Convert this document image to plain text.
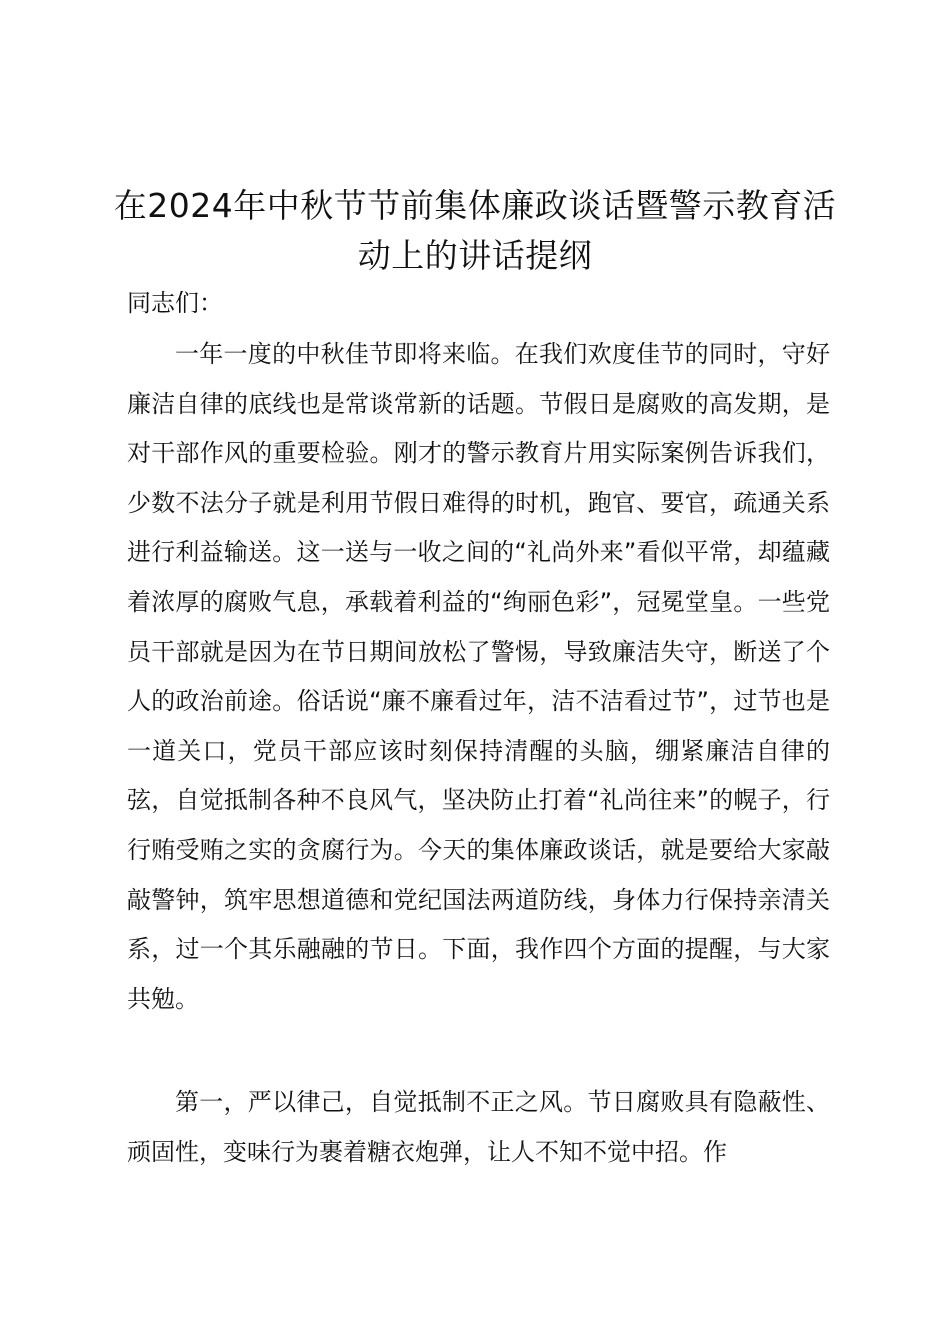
在2024年中秋节节前集体廉政谈话暨警示教育活动上的讲话提纲

同志们：

一年一度的中秋佳节即将来临。在我们欢度佳节的同时，守好廉洁自律的底线也是常谈常新的话题。节假日是腐败的高发期，是对干部作风的重要检验。刚才的警示教育片用实际案例告诉我们，少数不法分子就是利用节假日难得的时机，跑官、要官，疏通关系进行利益输送。这一送与一收之间的“礼尚外来”看似平常，却蕴藏着浓厚的腐败气息，承载着利益的“绚丽色彩”，冠冕堂皇。一些党员干部就是因为在节日期间放松了警惕，导致廉洁失守，断送了个人的政治前途。俗话说“廉不廉看过年，洁不洁看过节”，过节也是一道关口，党员干部应该时刻保持清醒的头脑，绷紧廉洁自律的弦，自觉抵制各种不良风气，坚决防止打着“礼尚往来”的幌子，行行贿受贿之实的贪腐行为。今天的集体廉政谈话，就是要给大家敲敲警钟，筑牢思想道德和党纪国法两道防线，身体力行保持亲清关系，过一个其乐融融的节日。下面，我作四个方面的提醒，与大家共勉。

第一，严以律己，自觉抵制不正之风。节日腐败具有隐蔽性、顽固性，变味行为裹着糖衣炮弹，让人不知不觉中招。作
